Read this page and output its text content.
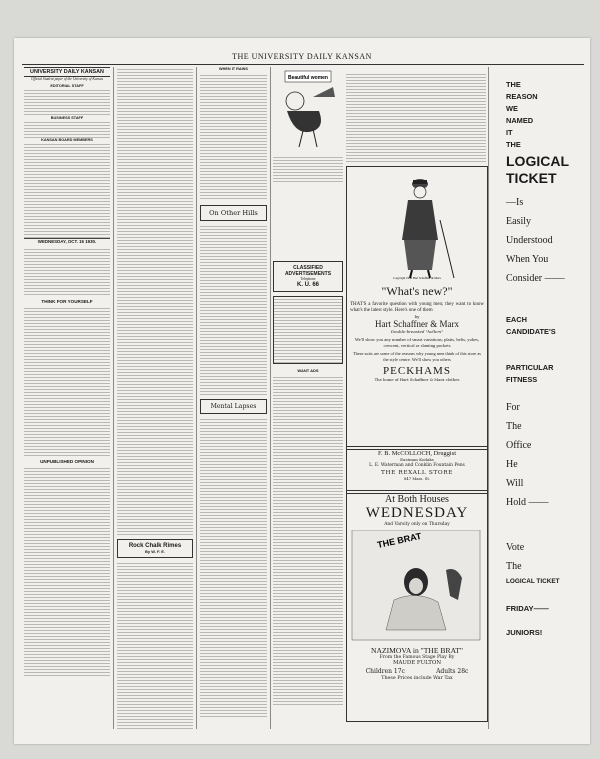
THE UNIVERSITY DAILY KANSAN
UNIVERSITY DAILY KANSAN
Official Student paper of the University of Kansas
EDITORIAL STAFF
BUSINESS STAFF
KANSAN BOARD MEMBERS
WEDNESDAY, OCT. 15 1930.
THINK FOR YOURSELF
UNPUBLISHED OPINION
Rock Chalk Rimes
By W. F. E.
WHEN IT RAINS
On Other Hills
Mental Lapses
Beautiful women
CLASSIFIED ADVERTISEMENTS
Telephone
K. U. 66
WANT ADS
Copyright 1930 Hart Schaffner & Marx
"What's new?"
THAT'S a favorite question with young men; they want to know what's the latest style. Here's one of them
by
Hart Schaffner & Marx
Double-breasted "hellers"
We'll show you any number of smart variations; plaits, belts, yokes, crescent, vertical or slanting pockets
These suits are some of the reasons why young men think of this store as the style centre. We'll show you others
PECKHAMS
The home of Hart Schaffner & Marx clothes
F. B. McCOLLOCH, Druggist
Eastman Kodaks
L. E. Waterman and Conklin Fountain Pens
THE REXALL STORE
847 Mass. St.
At Both Houses
WEDNESDAY
And Varsity only on Thursday
THE BRAT
NAZIMOVA in "THE BRAT"
From the Famous Stage Play By
MAUDE FULTON
Children 17c	Adults 28c
These Prices include War Tax
THE
REASON
WE
NAMED
IT
THE
LOGICAL TICKET
—Is
Easily
Understood
When You
Consider ——
EACH CANDIDATE'S
PARTICULAR FITNESS
For
The
Office
He
Will
Hold ——
Vote
The
LOGICAL TICKET
FRIDAY——
JUNIORS!
